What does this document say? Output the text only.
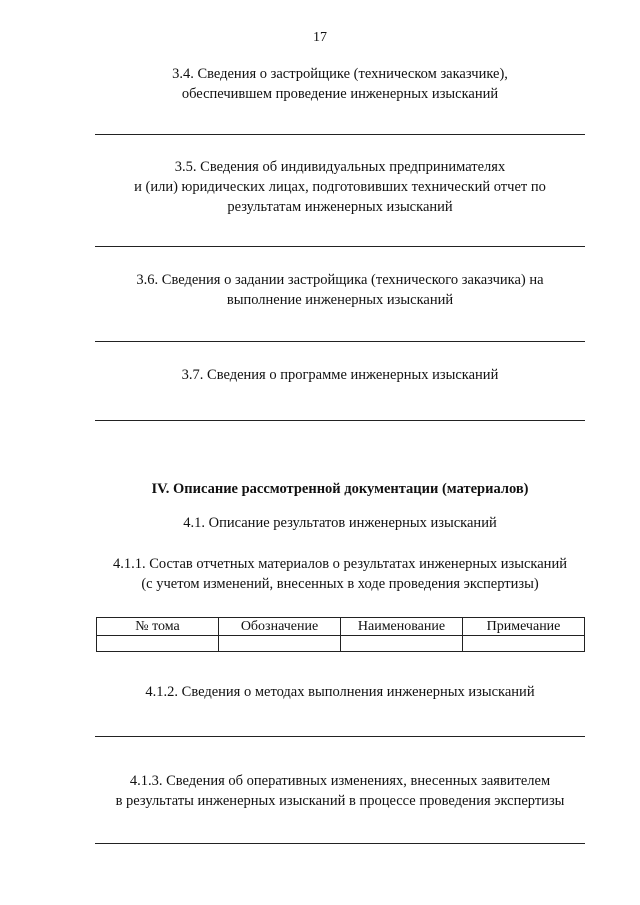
17
3.4. Сведения о застройщике (техническом заказчике),
обеспечившем проведение инженерных изысканий
3.5. Сведения об индивидуальных предпринимателях
и (или) юридических лицах, подготовивших технический отчет по
результатам инженерных изысканий
3.6. Сведения о задании застройщика (технического заказчика) на
выполнение инженерных изысканий
3.7. Сведения о программе инженерных изысканий
IV. Описание рассмотренной документации (материалов)
4.1. Описание результатов инженерных изысканий
4.1.1. Состав отчетных материалов о результатах инженерных изысканий
(с учетом изменений, внесенных в ходе проведения экспертизы)
№ тома	Обозначение	Наименование	Примечание

4.1.2. Сведения о методах выполнения инженерных изысканий
4.1.3. Сведения об оперативных изменениях, внесенных заявителем
в результаты инженерных изысканий в процессе проведения экспертизы
